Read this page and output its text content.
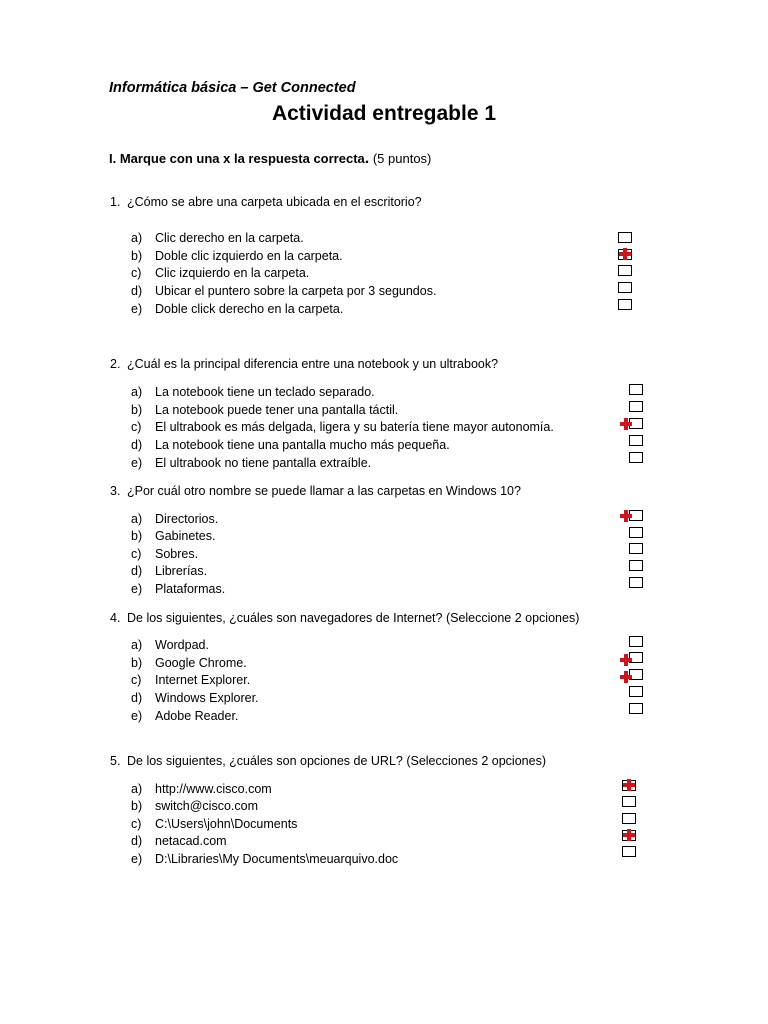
Informática básica – Get Connected
Actividad entregable 1
I. Marque con una x la respuesta correcta. (5 puntos)
1. ¿Cómo se abre una carpeta ubicada en el escritorio?
a) Clic derecho en la carpeta.
b) Doble clic izquierdo en la carpeta.
c) Clic izquierdo en la carpeta.
d) Ubicar el puntero sobre la carpeta por 3 segundos.
e) Doble click derecho en la carpeta.
2. ¿Cuál es la principal diferencia entre una notebook y un ultrabook?
a) La notebook tiene un teclado separado.
b) La notebook puede tener una pantalla táctil.
c) El ultrabook es más delgada, ligera y su batería tiene mayor autonomía.
d) La notebook tiene una pantalla mucho más pequeña.
e) El ultrabook no tiene pantalla extraíble.
3. ¿Por cuál otro nombre se puede llamar a las carpetas en Windows 10?
a) Directorios.
b) Gabinetes.
c) Sobres.
d) Librerías.
e) Plataformas.
4. De los siguientes, ¿cuáles son navegadores de Internet? (Seleccione 2 opciones)
a) Wordpad.
b) Google Chrome.
c) Internet Explorer.
d) Windows Explorer.
e) Adobe Reader.
5. De los siguientes, ¿cuáles son opciones de URL? (Selecciones 2 opciones)
a) http://www.cisco.com
b) switch@cisco.com
c) C:\Users\john\Documents
d) netacad.com
e) D:\Libraries\My Documents\meuarquivo.doc
